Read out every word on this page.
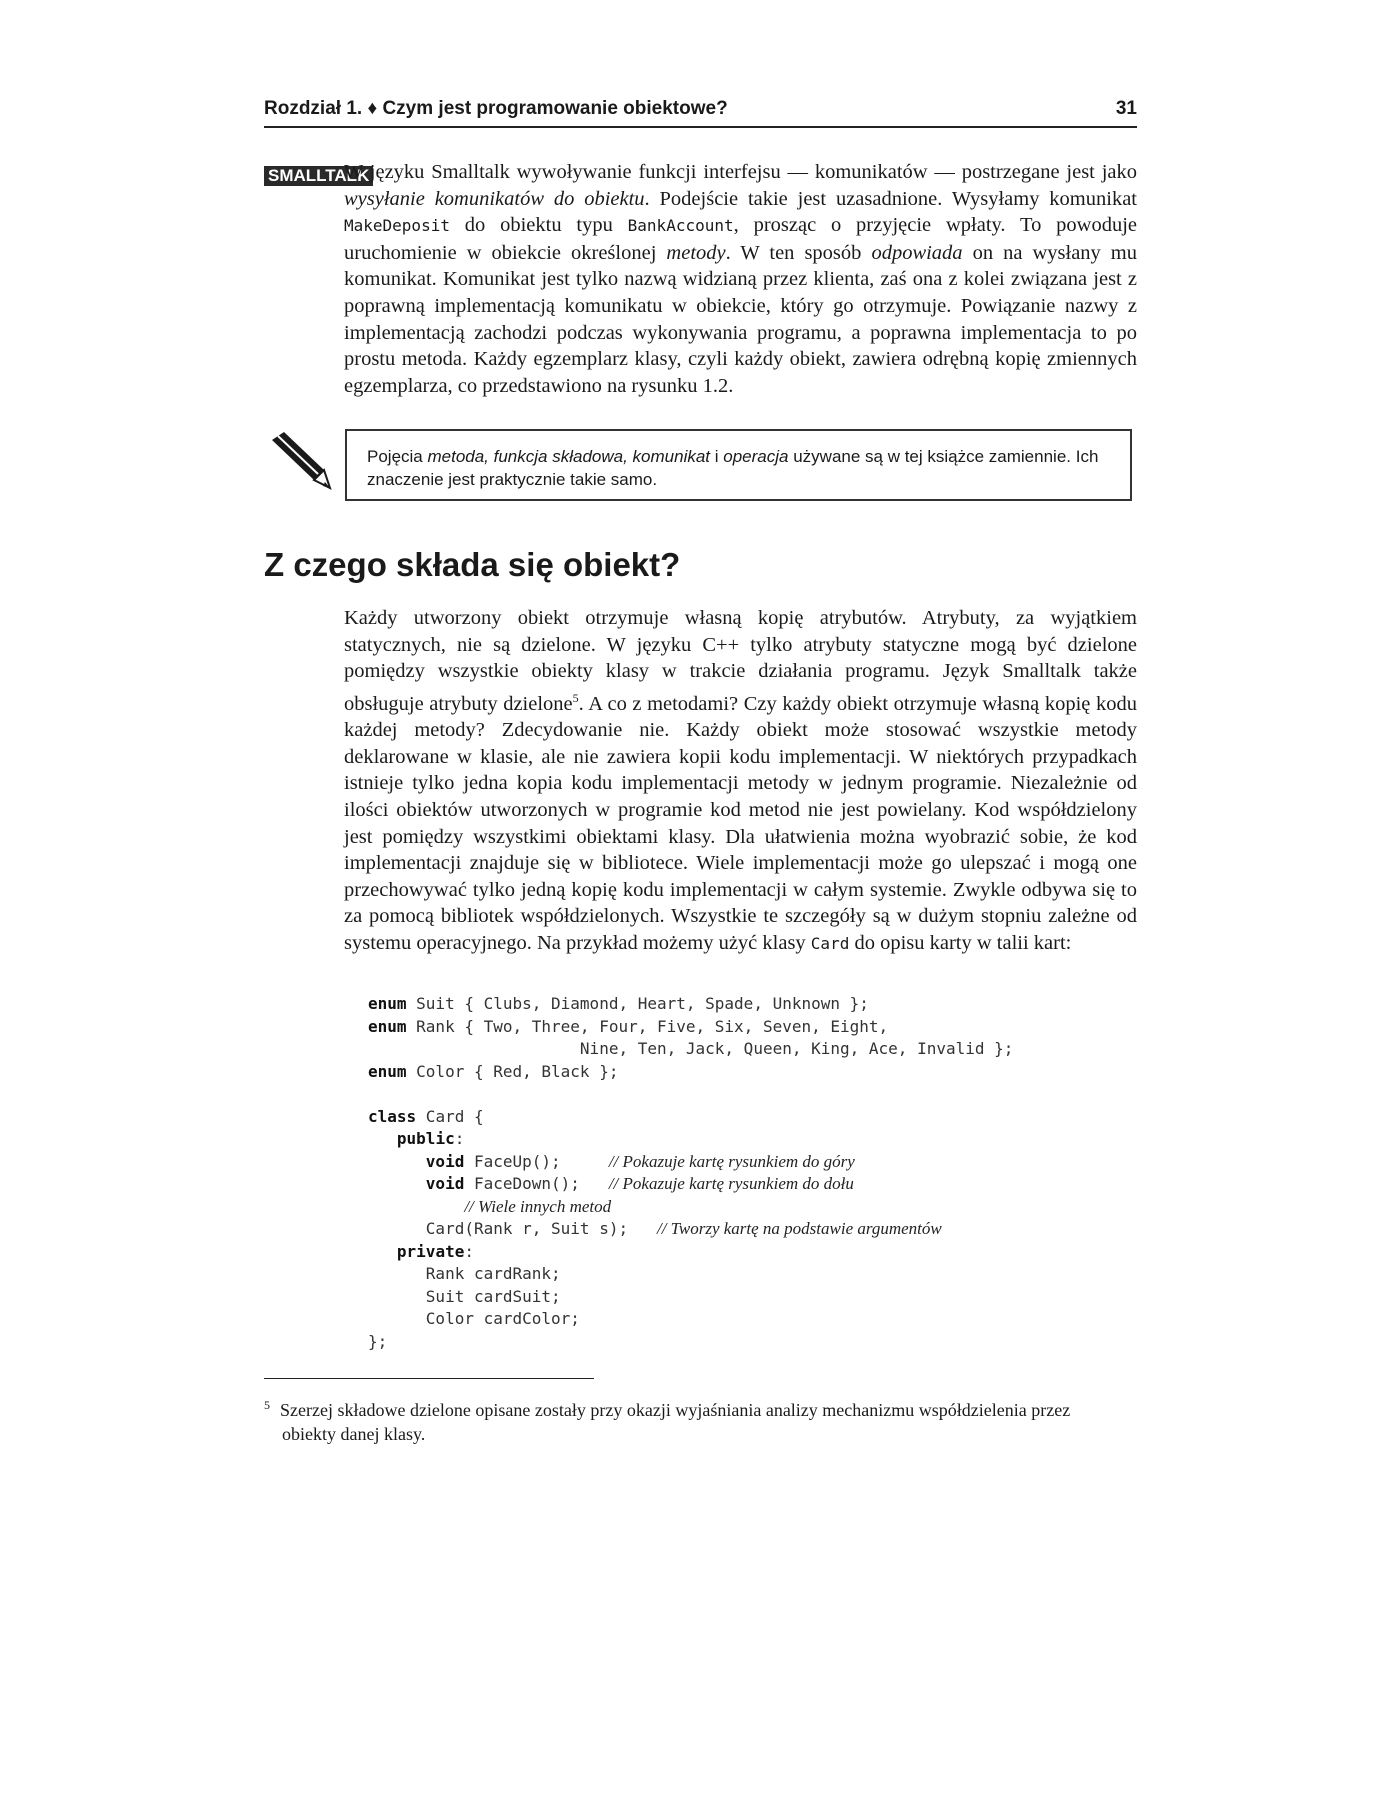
Rozdział 1. ♦ Czym jest programowanie obiektowe?	31
SMALLTALK

W języku Smalltalk wywoływanie funkcji interfejsu — komunikatów — postrzegane jest jako wysyłanie komunikatów do obiektu. Podejście takie jest uzasadnione. Wysyłamy komunikat MakeDeposit do obiektu typu BankAccount, prosząc o przyjęcie wpłaty. To powoduje uruchomienie w obiekcie określonej metody. W ten sposób odpowiada on na wysłany mu komunikat. Komunikat jest tylko nazwą widzianą przez klienta, zaś ona z kolei związana jest z poprawną implementacją komunikatu w obiekcie, który go otrzymuje. Powiązanie nazwy z implementacją zachodzi podczas wykonywania programu, a poprawna implementacja to po prostu metoda. Każdy egzemplarz klasy, czyli każdy obiekt, zawiera odrębną kopię zmiennych egzemplarza, co przedstawiono na rysunku 1.2.

Pojęcia metoda, funkcja składowa, komunikat i operacja używane są w tej książce zamiennie. Ich znaczenie jest praktycznie takie samo.
Z czego składa się obiekt?

Każdy utworzony obiekt otrzymuje własną kopię atrybutów. Atrybuty, za wyjątkiem statycznych, nie są dzielone. W języku C++ tylko atrybuty statyczne mogą być dzielone pomiędzy wszystkie obiekty klasy w trakcie działania programu. Język Smalltalk także obsługuje atrybuty dzielone$^5$. A co z metodami? Czy każdy obiekt otrzymuje własną kopię kodu każdej metody? Zdecydowanie nie. Każdy obiekt może stosować wszystkie metody deklarowane w klasie, ale nie zawiera kopii kodu implementacji. W niektórych przypadkach istnieje tylko jedna kopia kodu implementacji metody w jednym programie. Niezależnie od ilości obiektów utworzonych w programie kod metod nie jest powielany. Kod współdzielony jest pomiędzy wszystkimi obiektami klasy. Dla ułatwienia można wyobrazić sobie, że kod implementacji znajduje się w bibliotece. Wiele implementacji może go ulepszać i mogą one przechowywać tylko jedną kopię kodu implementacji w całym systemie. Zwykle odbywa się to za pomocą bibliotek współdzielonych. Wszystkie te szczegóły są w dużym stopniu zależne od systemu operacyjnego. Na przykład możemy użyć klasy Card do opisu karty w talii kart:

enum Suit { Clubs, Diamond, Heart, Spade, Unknown };
enum Rank { Two, Three, Four, Five, Six, Seven, Eight,
Nine, Ten, Jack, Queen, King, Ace, Invalid };
enum Color { Red, Black };

class Card {
public:
void FaceUp();     // Pokazuje kartę rysunkiem do góry
void FaceDown();   // Pokazuje kartę rysunkiem do dołu
// Wiele innych metod
Card(Rank r, Suit s);   // Tworzy kartę na podstawie argumentów
private:
Rank cardRank;
Suit cardSuit;
Color cardColor;
};
$^5$ Szerzej składowe dzielone opisane zostały przy okazji wyjaśniania analizy mechanizmu współdzielenia przez obiekty danej klasy.
